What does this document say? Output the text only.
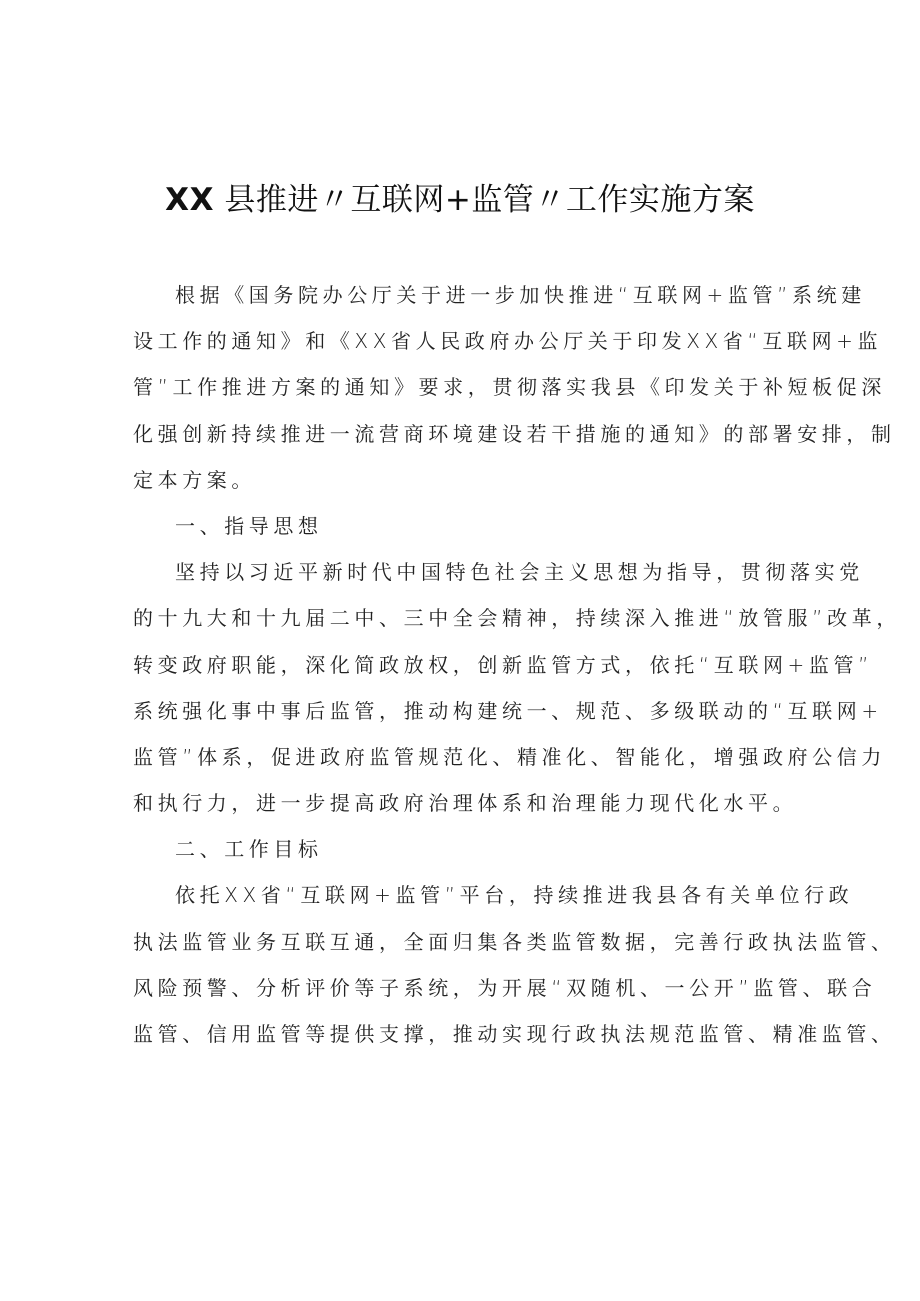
XX 县推进〃互联网+监管〃工作实施方案
根据《国务院办公厅关于进一步加快推进“互联网+监管”系统建
设工作的通知》和《XX省人民政府办公厅关于印发XX省“互联网+监
管”工作推进方案的通知》要求，贯彻落实我县《印发关于补短板促深
化强创新持续推进一流营商环境建设若干措施的通知》的部署安排，制
定本方案。
一、指导思想
坚持以习近平新时代中国特色社会主义思想为指导，贯彻落实党
的十九大和十九届二中、三中全会精神，持续深入推进“放管服”改革，
转变政府职能，深化简政放权，创新监管方式，依托“互联网+监管”
系统强化事中事后监管，推动构建统一、规范、多级联动的“互联网+
监管”体系，促进政府监管规范化、精准化、智能化，增强政府公信力
和执行力，进一步提高政府治理体系和治理能力现代化水平。
二、工作目标
依托XX省“互联网+监管”平台，持续推进我县各有关单位行政
执法监管业务互联互通，全面归集各类监管数据，完善行政执法监管、
风险预警、分析评价等子系统，为开展“双随机、一公开”监管、联合
监管、信用监管等提供支撑，推动实现行政执法规范监管、精准监管、
